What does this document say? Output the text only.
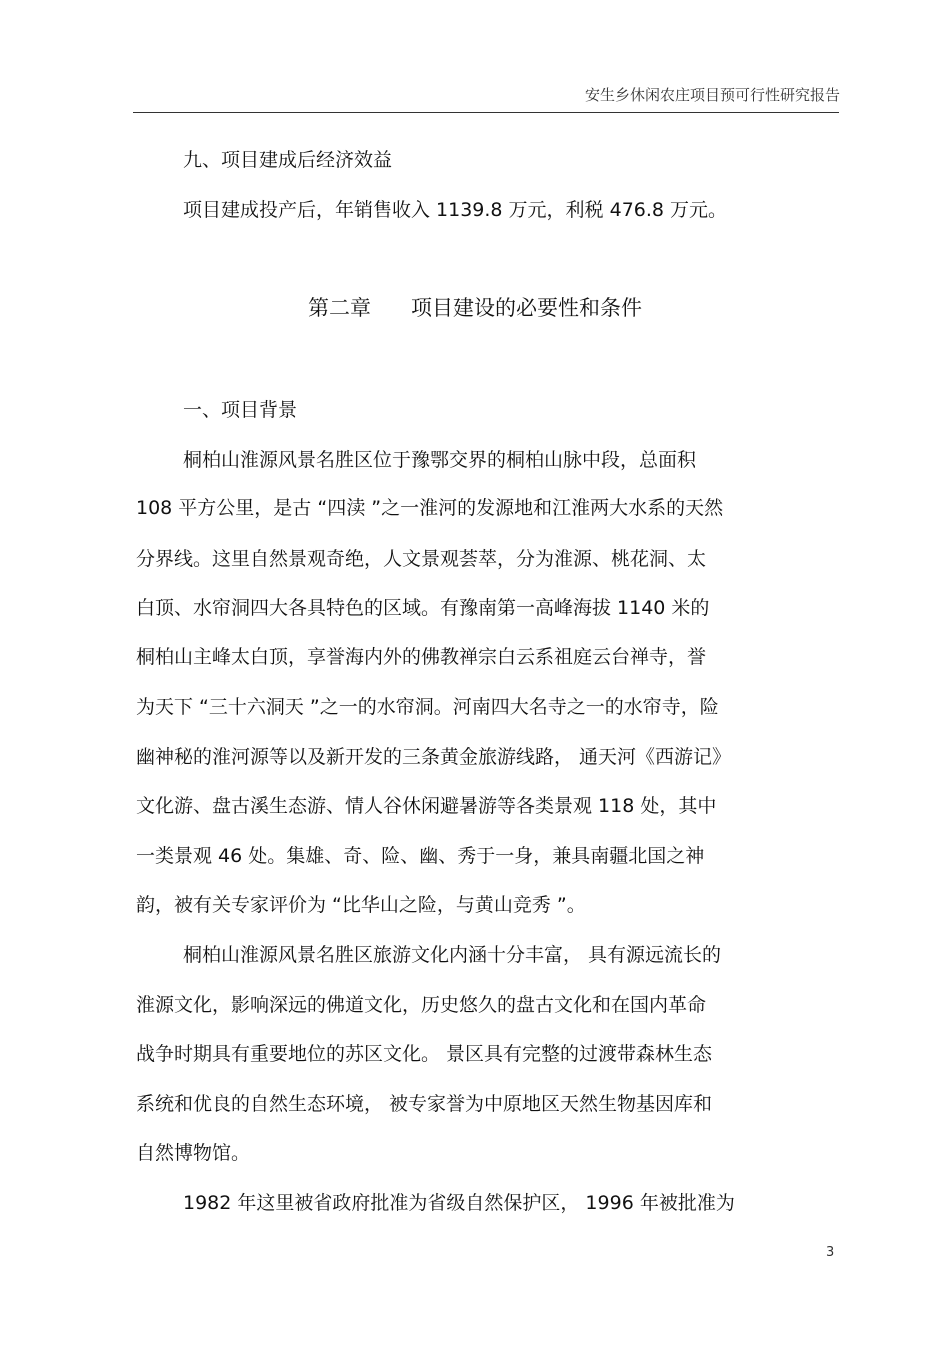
安生乡休闲农庄项目预可行性研究报告
九、项目建成后经济效益
项目建成投产后，年销售收入 1139.8 万元，利税 476.8 万元。
第二章      项目建设的必要性和条件
一、项目背景
桐柏山淮源风景名胜区位于豫鄂交界的桐柏山脉中段，总面积
108 平方公里，是古 “四渎 ”之一淮河的发源地和江淮两大水系的天然
分界线。这里自然景观奇绝，人文景观荟萃，分为淮源、桃花洞、太
白顶、水帘洞四大各具特色的区域。有豫南第一高峰海拔 1140 米的
桐柏山主峰太白顶，享誉海内外的佛教禅宗白云系祖庭云台禅寺，誉
为天下 “三十六洞天 ”之一的水帘洞。河南四大名寺之一的水帘寺，险
幽神秘的淮河源等以及新开发的三条黄金旅游线路， 通天河《西游记》
文化游、盘古溪生态游、情人谷休闲避暑游等各类景观 118 处，其中
一类景观 46 处。集雄、奇、险、幽、秀于一身，兼具南疆北国之神
韵，被有关专家评价为 “比华山之险，与黄山竞秀 ”。
桐柏山淮源风景名胜区旅游文化内涵十分丰富， 具有源远流长的
淮源文化，影响深远的佛道文化，历史悠久的盘古文化和在国内革命
战争时期具有重要地位的苏区文化。 景区具有完整的过渡带森林生态
系统和优良的自然生态环境， 被专家誉为中原地区天然生物基因库和
自然博物馆。
1982 年这里被省政府批准为省级自然保护区， 1996 年被批准为
3
